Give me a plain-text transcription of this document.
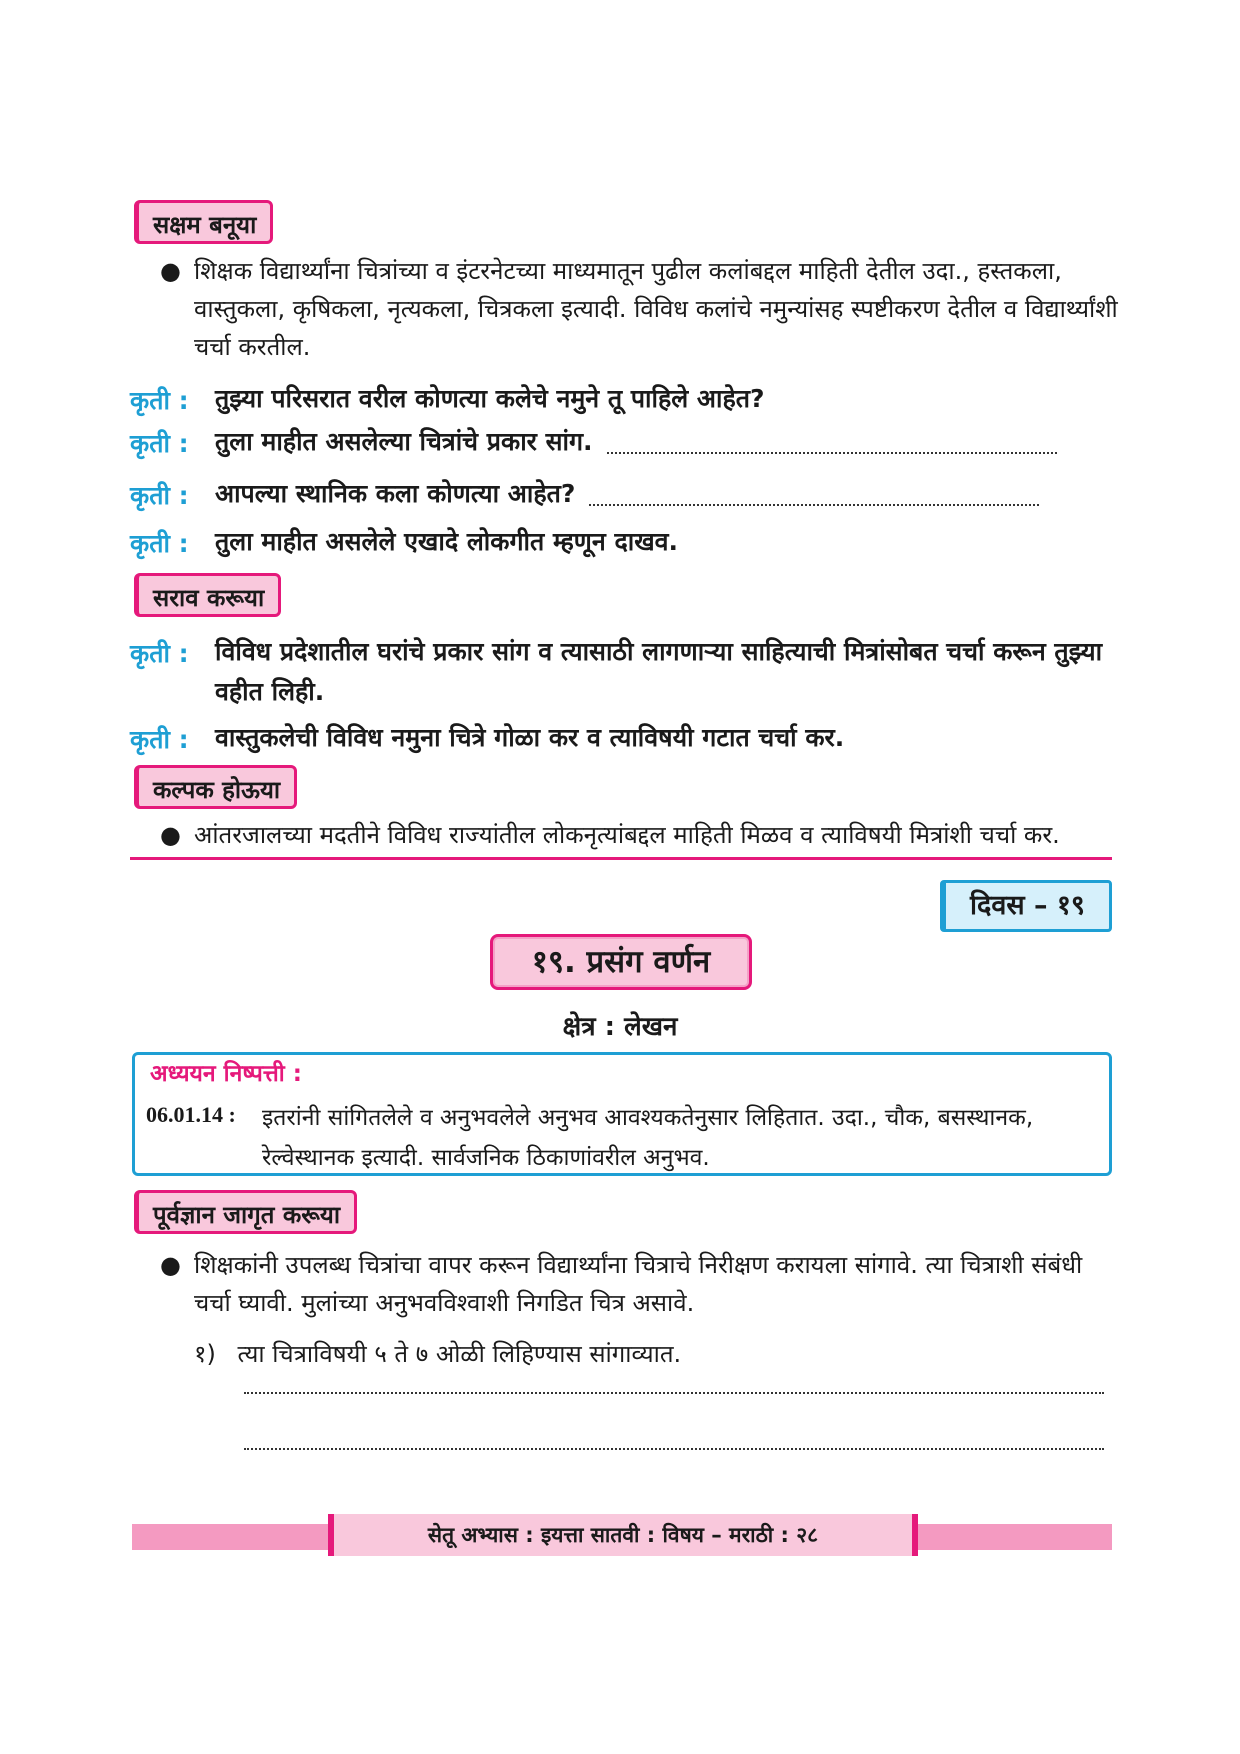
सक्षम बनूया
● शिक्षक विद्यार्थ्यांना चित्रांच्या व इंटरनेटच्या माध्यमातून पुढील कलांबद्दल माहिती देतील उदा., हस्तकला, वास्तुकला, कृषिकला, नृत्यकला, चित्रकला इत्यादी. विविध कलांचे नमुन्यांसह स्पष्टीकरण देतील व विद्यार्थ्यांशी चर्चा करतील.
कृती : तुझ्या परिसरात वरील कोणत्या कलेचे नमुने तू पाहिले आहेत?
कृती : तुला माहीत असलेल्या चित्रांचे प्रकार सांग.
कृती : आपल्या स्थानिक कला कोणत्या आहेत?
कृती : तुला माहीत असलेले एखादे लोकगीत म्हणून दाखव.
सराव करूया
कृती : विविध प्रदेशातील घरांचे प्रकार सांग व त्यासाठी लागणाऱ्या साहित्याची मित्रांसोबत चर्चा करून तुझ्या वहीत लिही.
कृती : वास्तुकलेची विविध नमुना चित्रे गोळा कर व त्याविषयी गटात चर्चा कर.
कल्पक होऊया
● आंतरजालच्या मदतीने विविध राज्यांतील लोकनृत्यांबद्दल माहिती मिळव व त्याविषयी मित्रांशी चर्चा कर.
दिवस – १९
१९. प्रसंग वर्णन
क्षेत्र : लेखन
अध्ययन निष्पत्ती :
06.01.14 : इतरांनी सांगितलेले व अनुभवलेले अनुभव आवश्यकतेनुसार लिहितात. उदा., चौक, बसस्थानक, रेल्वेस्थानक इत्यादी. सार्वजनिक ठिकाणांवरील अनुभव.
पूर्वज्ञान जागृत करूया
● शिक्षकांनी उपलब्ध चित्रांचा वापर करून विद्यार्थ्यांना चित्राचे निरीक्षण करायला सांगावे. त्या चित्राशी संबंधी चर्चा घ्यावी. मुलांच्या अनुभवविश्वाशी निगडित चित्र असावे.
१) त्या चित्राविषयी ५ ते ७ ओळी लिहिण्यास सांगाव्यात.
सेतू अभ्यास : इयत्ता सातवी : विषय – मराठी : २८
